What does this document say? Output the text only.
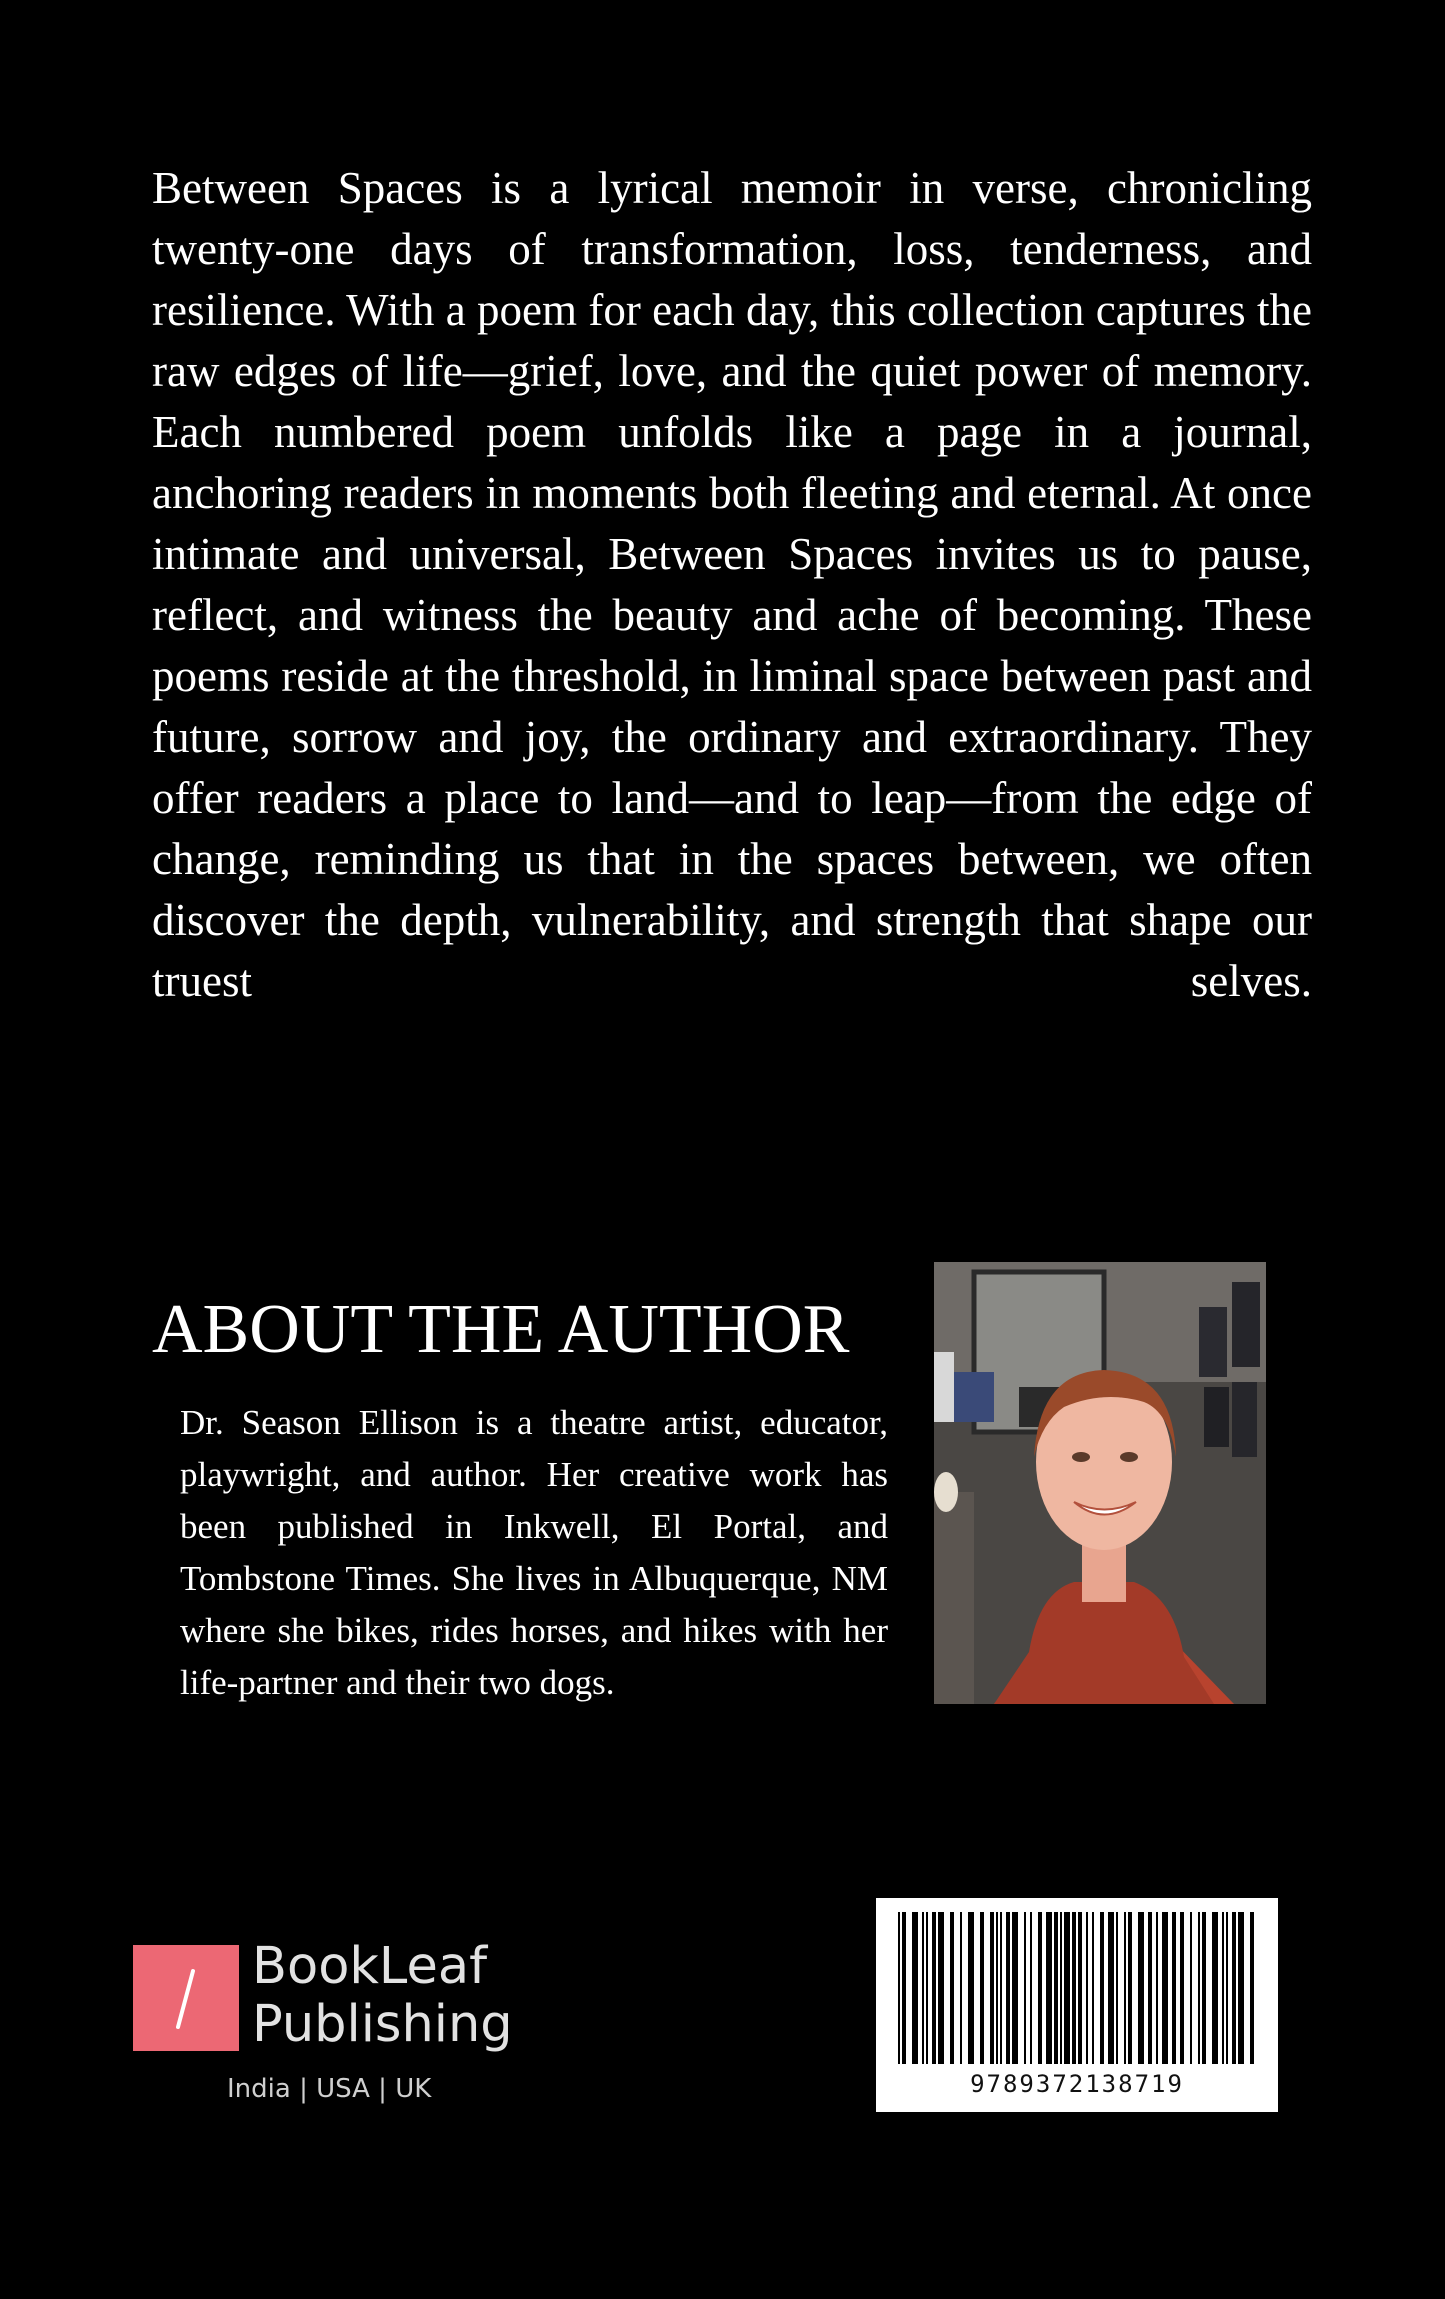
Between Spaces is a lyrical memoir in verse, chronicling twenty-one days of transformation, loss, tenderness, and resilience. With a poem for each day, this collection captures the raw edges of life—grief, love, and the quiet power of memory. Each numbered poem unfolds like a page in a journal, anchoring readers in moments both fleeting and eternal. At once intimate and universal, Between Spaces invites us to pause, reflect, and witness the beauty and ache of becoming. These poems reside at the threshold, in liminal space between past and future, sorrow and joy, the ordinary and extraordinary. They offer readers a place to land—and to leap—from the edge of change, reminding us that in the spaces between, we often discover the depth, vulnerability, and strength that shape our truest selves.

ABOUT THE AUTHOR

Dr. Season Ellison is a theatre artist, educator, playwright, and author. Her creative work has been published in Inkwell, El Portal, and Tombstone Times. She lives in Albuquerque, NM where she bikes, rides horses, and hikes with her life-partner and their two dogs.

BookLeaf
Publishing
India | USA | UK	9789372138719
